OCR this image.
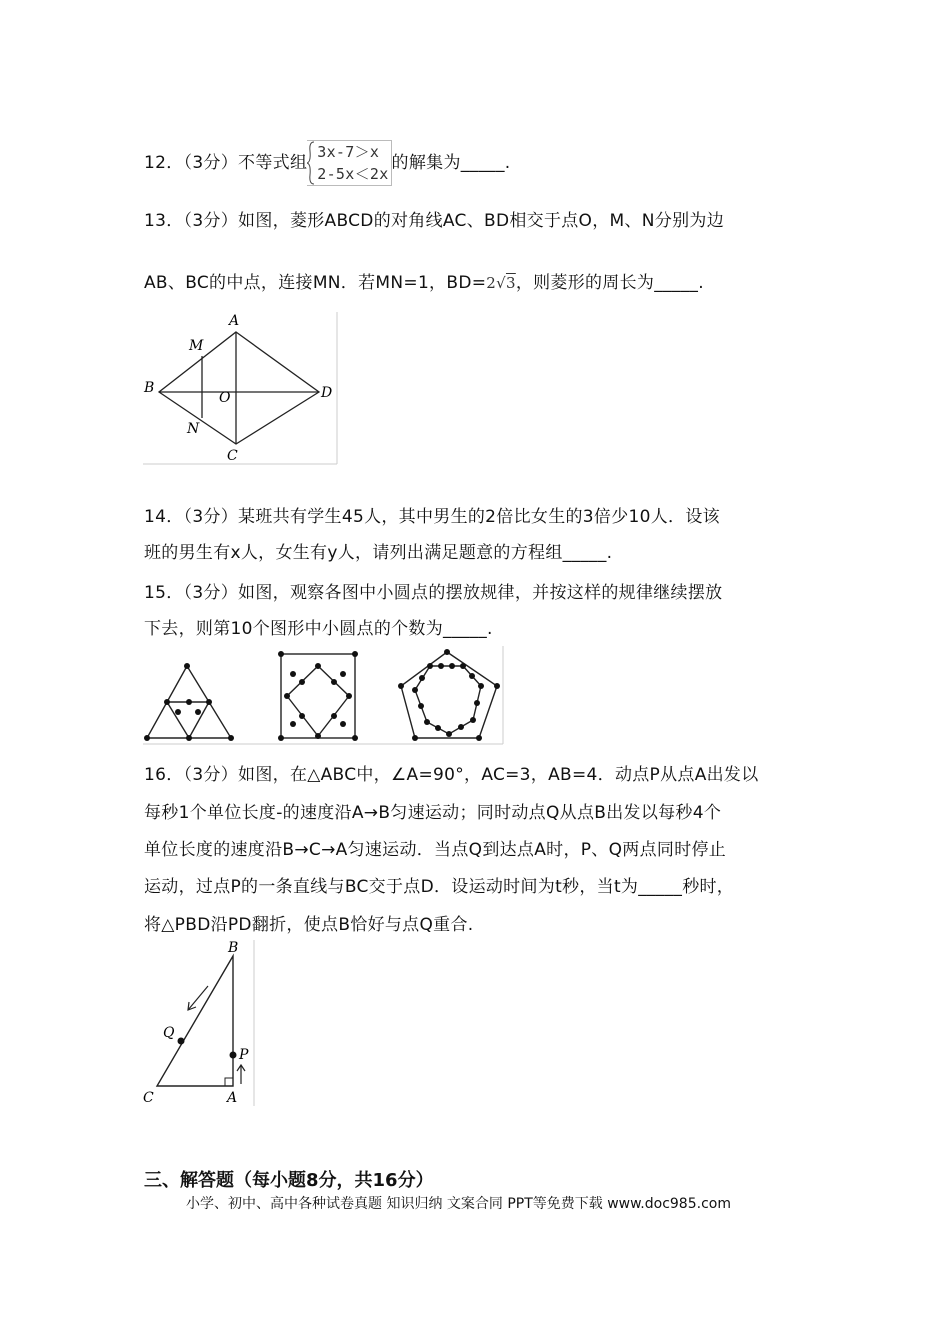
12．（3分）不等式组
3x-7＞x
2-5x＜2x的解集为_____.
13．（3分）如图，菱形ABCD的对角线AC、BD相交于点O，M、N分别为边
AB、BC的中点，连接MN．若MN=1，BD=2√3，则菱形的周长为_____.
A
B
C
D
M
N
O
14．（3分）某班共有学生45人，其中男生的2倍比女生的3倍少10人．设该
班的男生有x人，女生有y人，请列出满足题意的方程组_____.
15．（3分）如图，观察各图中小圆点的摆放规律，并按这样的规律继续摆放
下去，则第10个图形中小圆点的个数为_____.
16．（3分）如图，在△ABC中，∠A=90°，AC=3，AB=4．动点P从点A出发以
每秒1个单位长度-的速度沿A→B匀速运动；同时动点Q从点B出发以每秒4个
单位长度的速度沿B→C→A匀速运动．当点Q到达点A时，P、Q两点同时停止
运动，过点P的一条直线与BC交于点D．设运动时间为t秒，当t为_____秒时，
将△PBD沿PD翻折，使点B恰好与点Q重合.
B
A
C
P
Q
三、解答题（每小题8分，共16分）
小学、初中、高中各种试卷真题 知识归纳 文案合同 PPT等免费下载 www.doc985.com
